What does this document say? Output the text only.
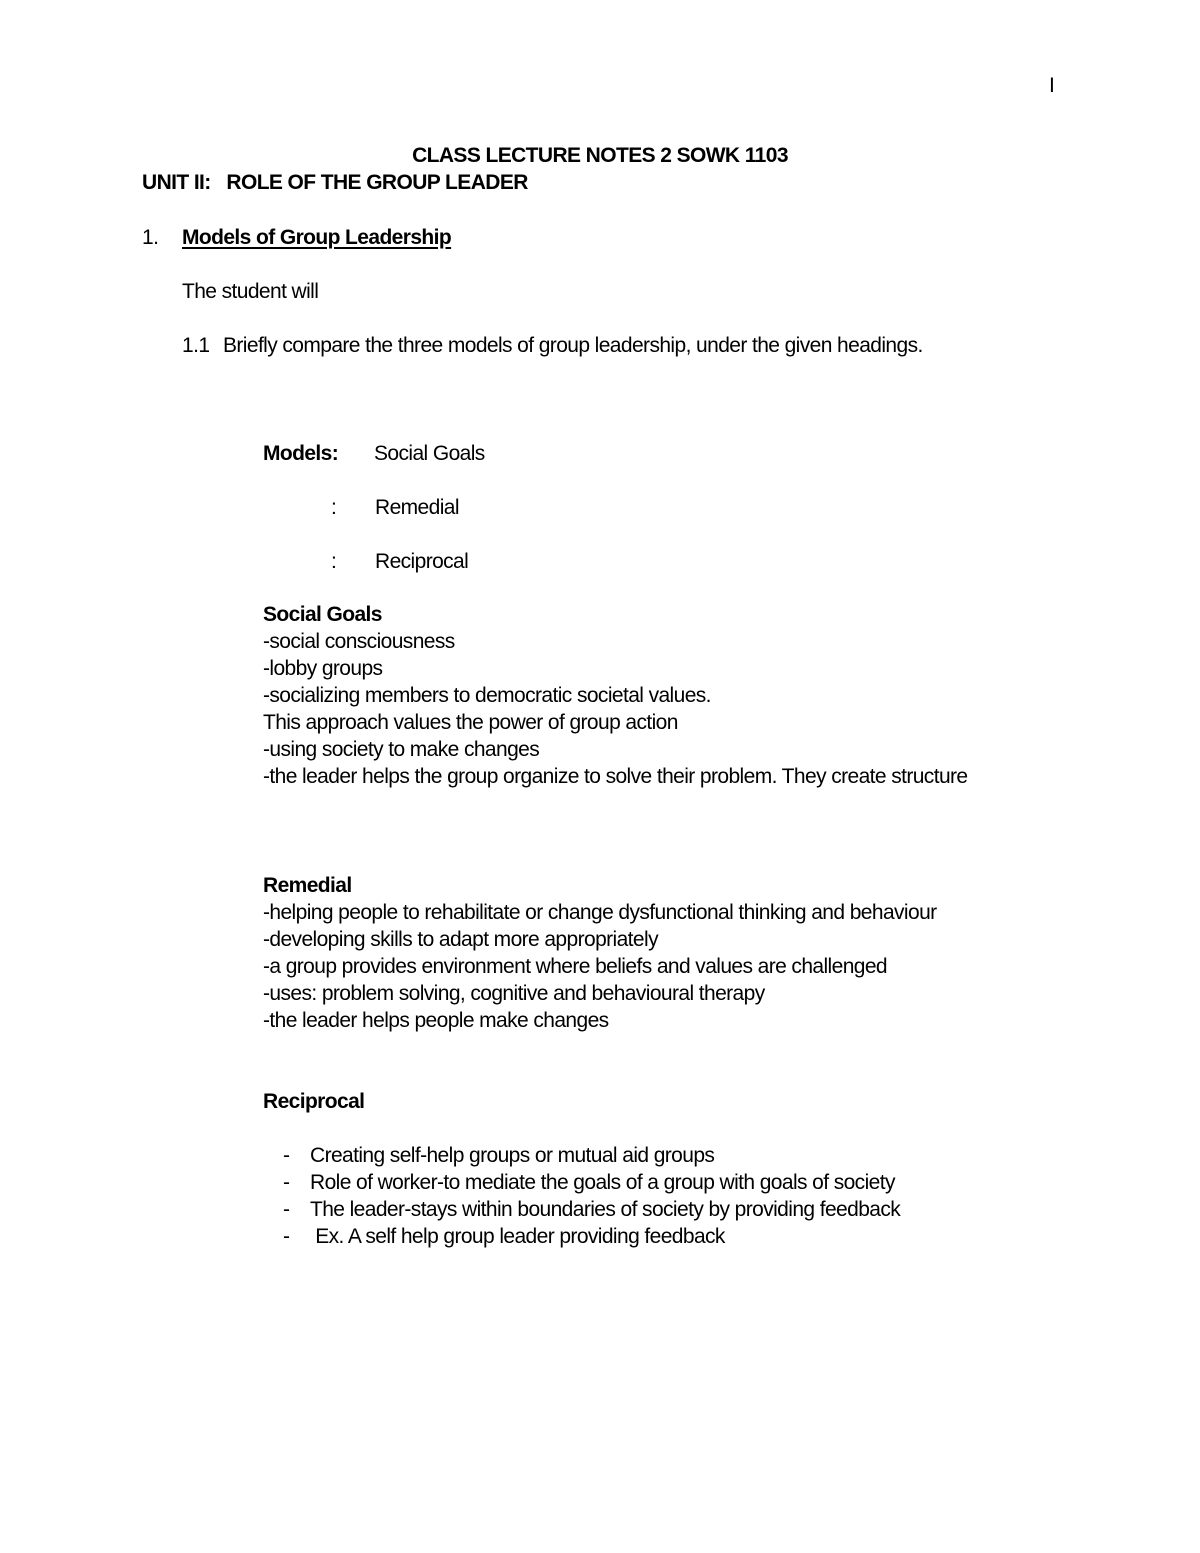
I
CLASS LECTURE NOTES 2 SOWK 1103
UNIT II:   ROLE OF THE GROUP LEADER
1. Models of Group Leadership
The student will
1.1 Briefly compare the three models of group leadership, under the given headings.
Models: Social Goals
: Remedial
: Reciprocal
Social Goals
-social consciousness
-lobby groups
-socializing members to democratic societal values.
This approach values the power of group action
-using society to make changes
-the leader helps the group organize to solve their problem. They create structure
Remedial
-helping people to rehabilitate or change dysfunctional thinking and behaviour
-developing skills to adapt more appropriately
-a group provides environment where beliefs and values are challenged
-uses: problem solving, cognitive and behavioural therapy
-the leader helps people make changes
Reciprocal
- Creating self-help groups or mutual aid groups
- Role of worker-to mediate the goals of a group with goals of society
- The leader-stays within boundaries of society by providing feedback
- Ex. A self help group leader providing feedback
